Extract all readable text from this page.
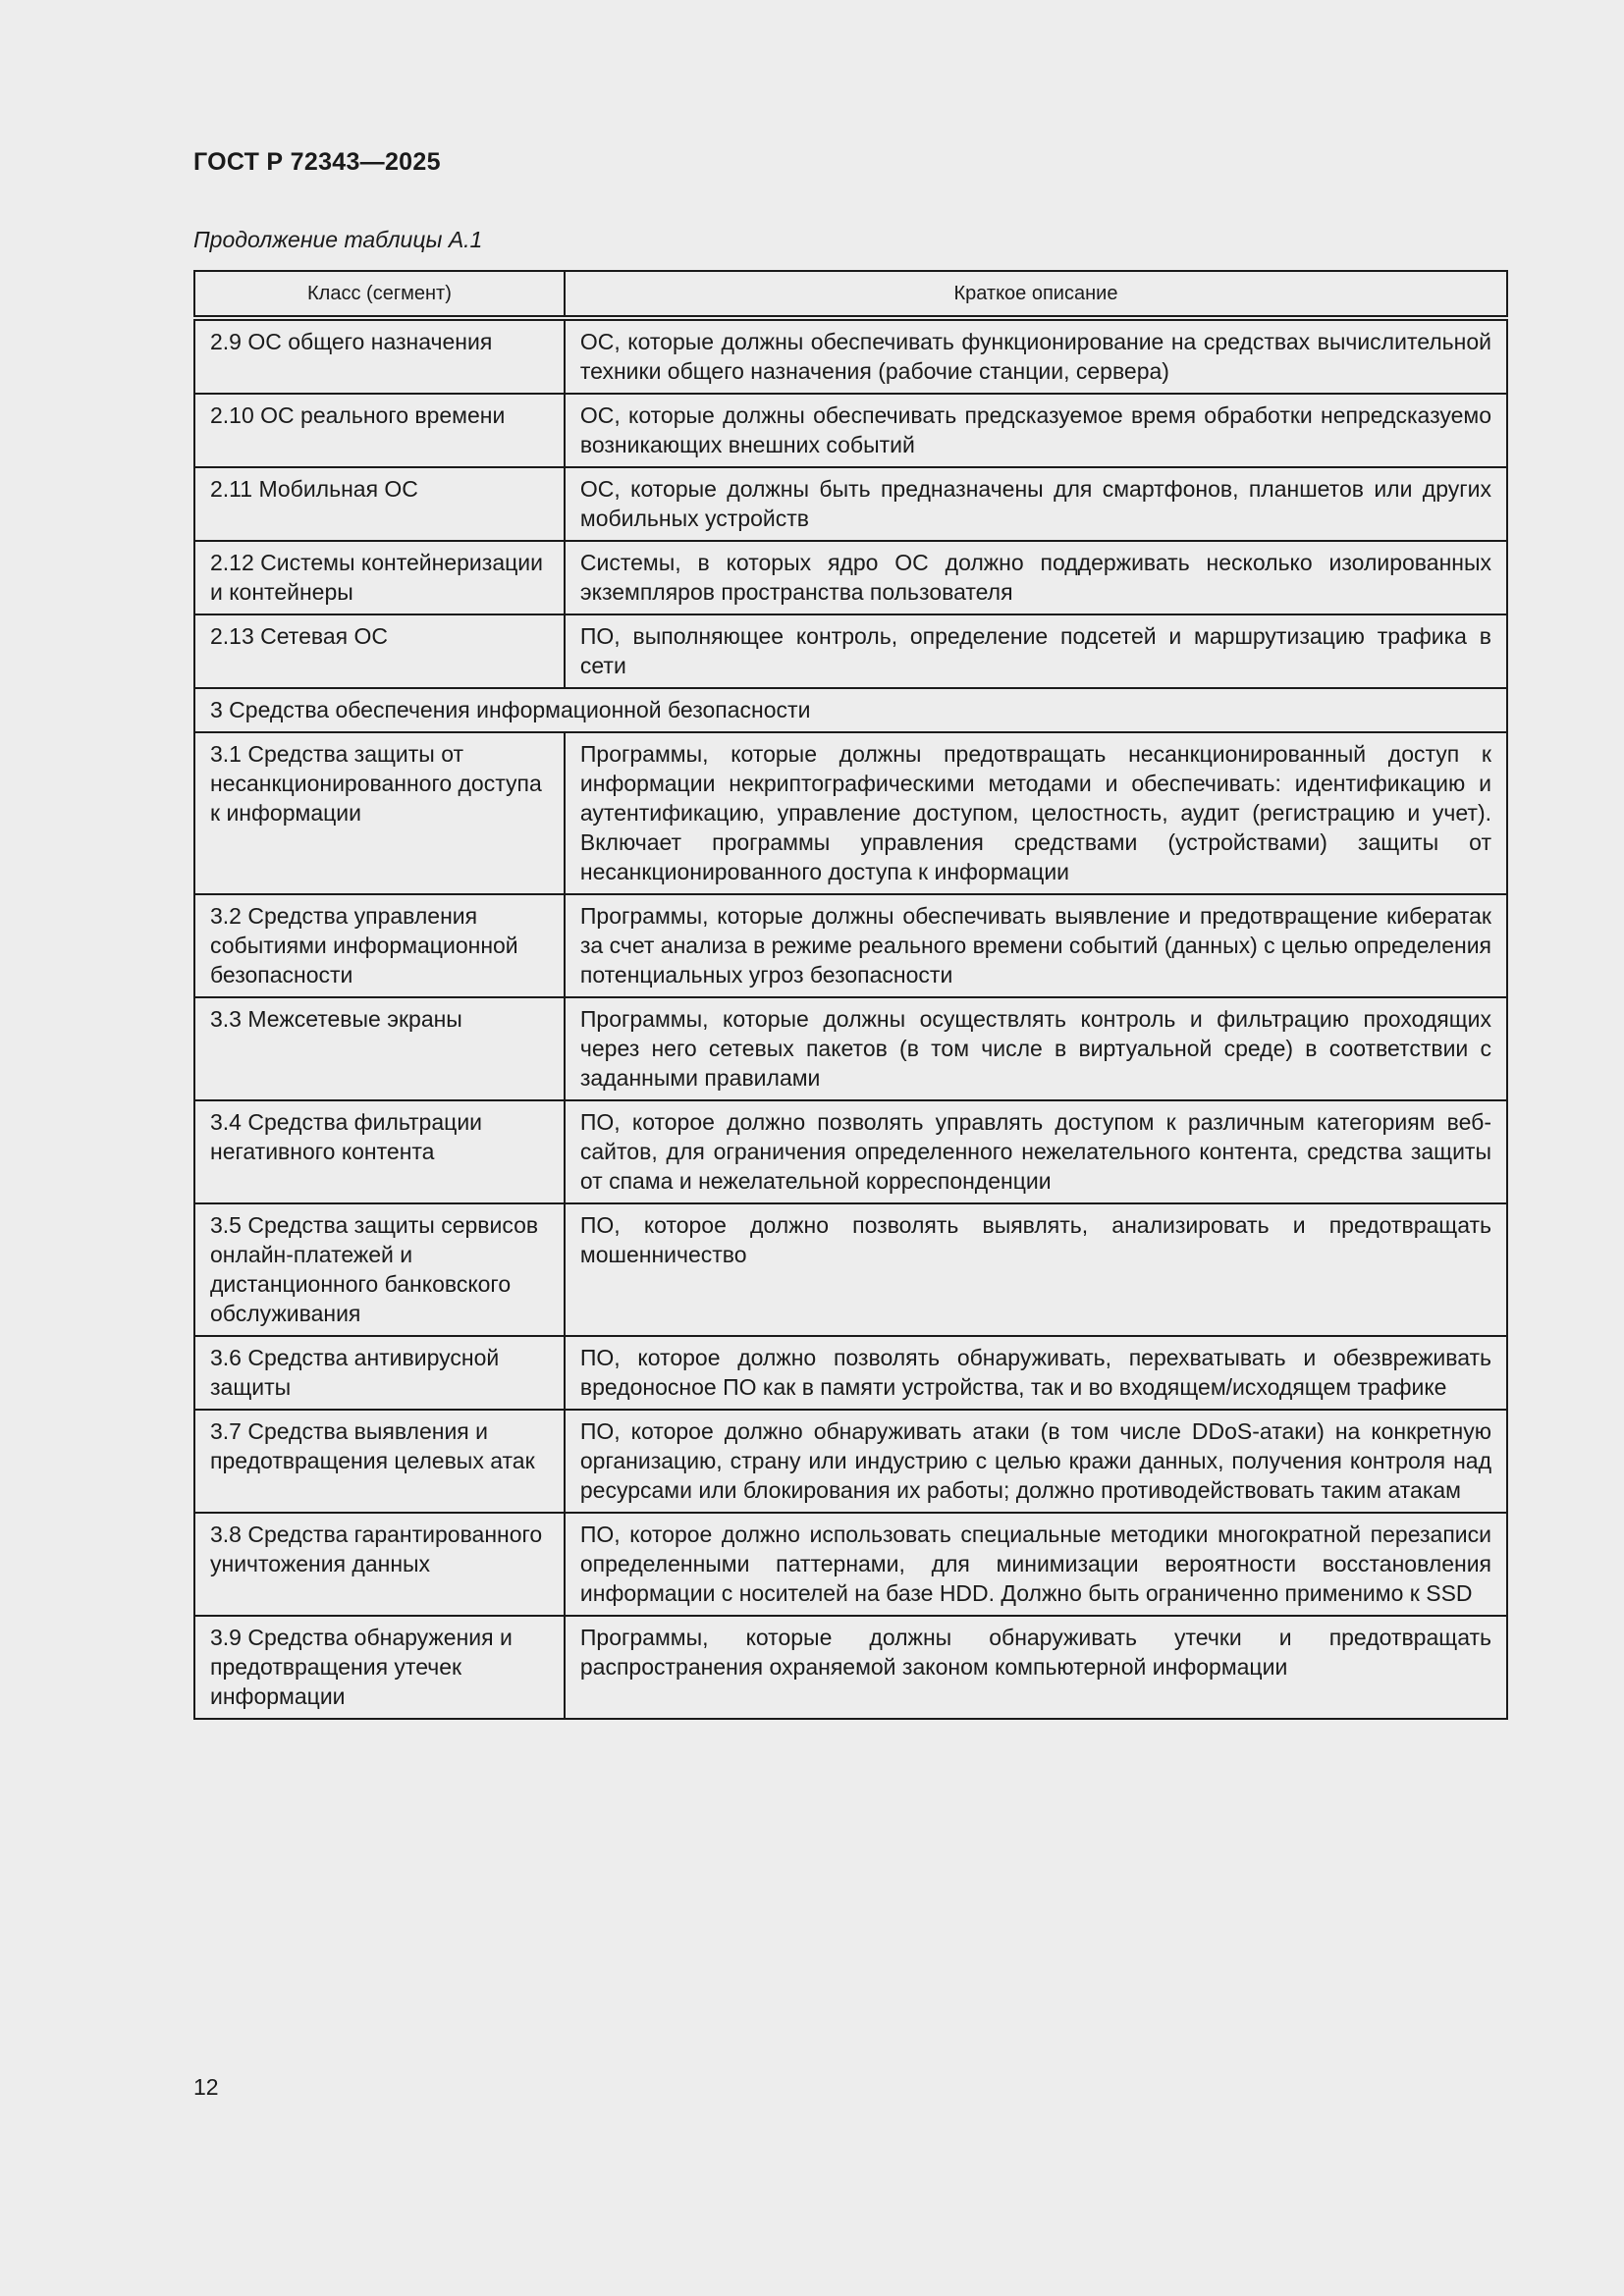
ГОСТ Р 72343—2025
Продолжение таблицы А.1
Класс (сегмент)	Краткое описание
2.9 ОС общего назначения	ОС, которые должны обеспечивать функционирование на средствах вычислительной техники общего назначения (рабочие станции, сервера)
2.10 ОС реального времени	ОС, которые должны обеспечивать предсказуемое время обработки непредсказуемо возникающих внешних событий
2.11 Мобильная ОС	ОС, которые должны быть предназначены для смартфонов, планшетов или других мобильных устройств
2.12 Системы контейнеризации и контейнеры	Системы, в которых ядро ОС должно поддерживать несколько изолированных экземпляров пространства пользователя
2.13 Сетевая ОС	ПО, выполняющее контроль, определение подсетей и маршрутизацию трафика в сети
3 Средства обеспечения информационной безопасности	
3.1 Средства защиты от несанкционированного доступа к информации	Программы, которые должны предотвращать несанкционированный доступ к информации некриптографическими методами и обеспечивать: идентификацию и аутентификацию, управление доступом, целостность, аудит (регистрацию и учет). Включает программы управления средствами (устройствами) защиты от несанкционированного доступа к информации
3.2 Средства управления событиями информационной безопасности	Программы, которые должны обеспечивать выявление и предотвращение кибератак за счет анализа в режиме реального времени событий (данных) с целью определения потенциальных угроз безопасности
3.3 Межсетевые экраны	Программы, которые должны осуществлять контроль и фильтрацию проходящих через него сетевых пакетов (в том числе в виртуальной среде) в соответствии с заданными правилами
3.4 Средства фильтрации негативного контента	ПО, которое должно позволять управлять доступом к различным категориям веб-сайтов, для ограничения определенного нежелательного контента, средства защиты от спама и нежелательной корреспонденции
3.5 Средства защиты сервисов онлайн-платежей и дистанционного банковского обслуживания	ПО, которое должно позволять выявлять, анализировать и предотвращать мошенничество
3.6 Средства антивирусной защиты	ПО, которое должно позволять обнаруживать, перехватывать и обезвреживать вредоносное ПО как в памяти устройства, так и во входящем/исходящем трафике
3.7 Средства выявления и предотвращения целевых атак	ПО, которое должно обнаруживать атаки (в том числе DDoS-атаки) на конкретную организацию, страну или индустрию с целью кражи данных, получения контроля над ресурсами или блокирования их работы; должно противодействовать таким атакам
3.8 Средства гарантированного уничтожения данных	ПО, которое должно использовать специальные методики многократной перезаписи определенными паттернами, для минимизации вероятности восстановления информации с носителей на базе HDD. Должно быть ограниченно применимо к SSD
3.9 Средства обнаружения и предотвращения утечек информации	Программы, которые должны обнаруживать утечки и предотвращать распространения охраняемой законом компьютерной информации
12
